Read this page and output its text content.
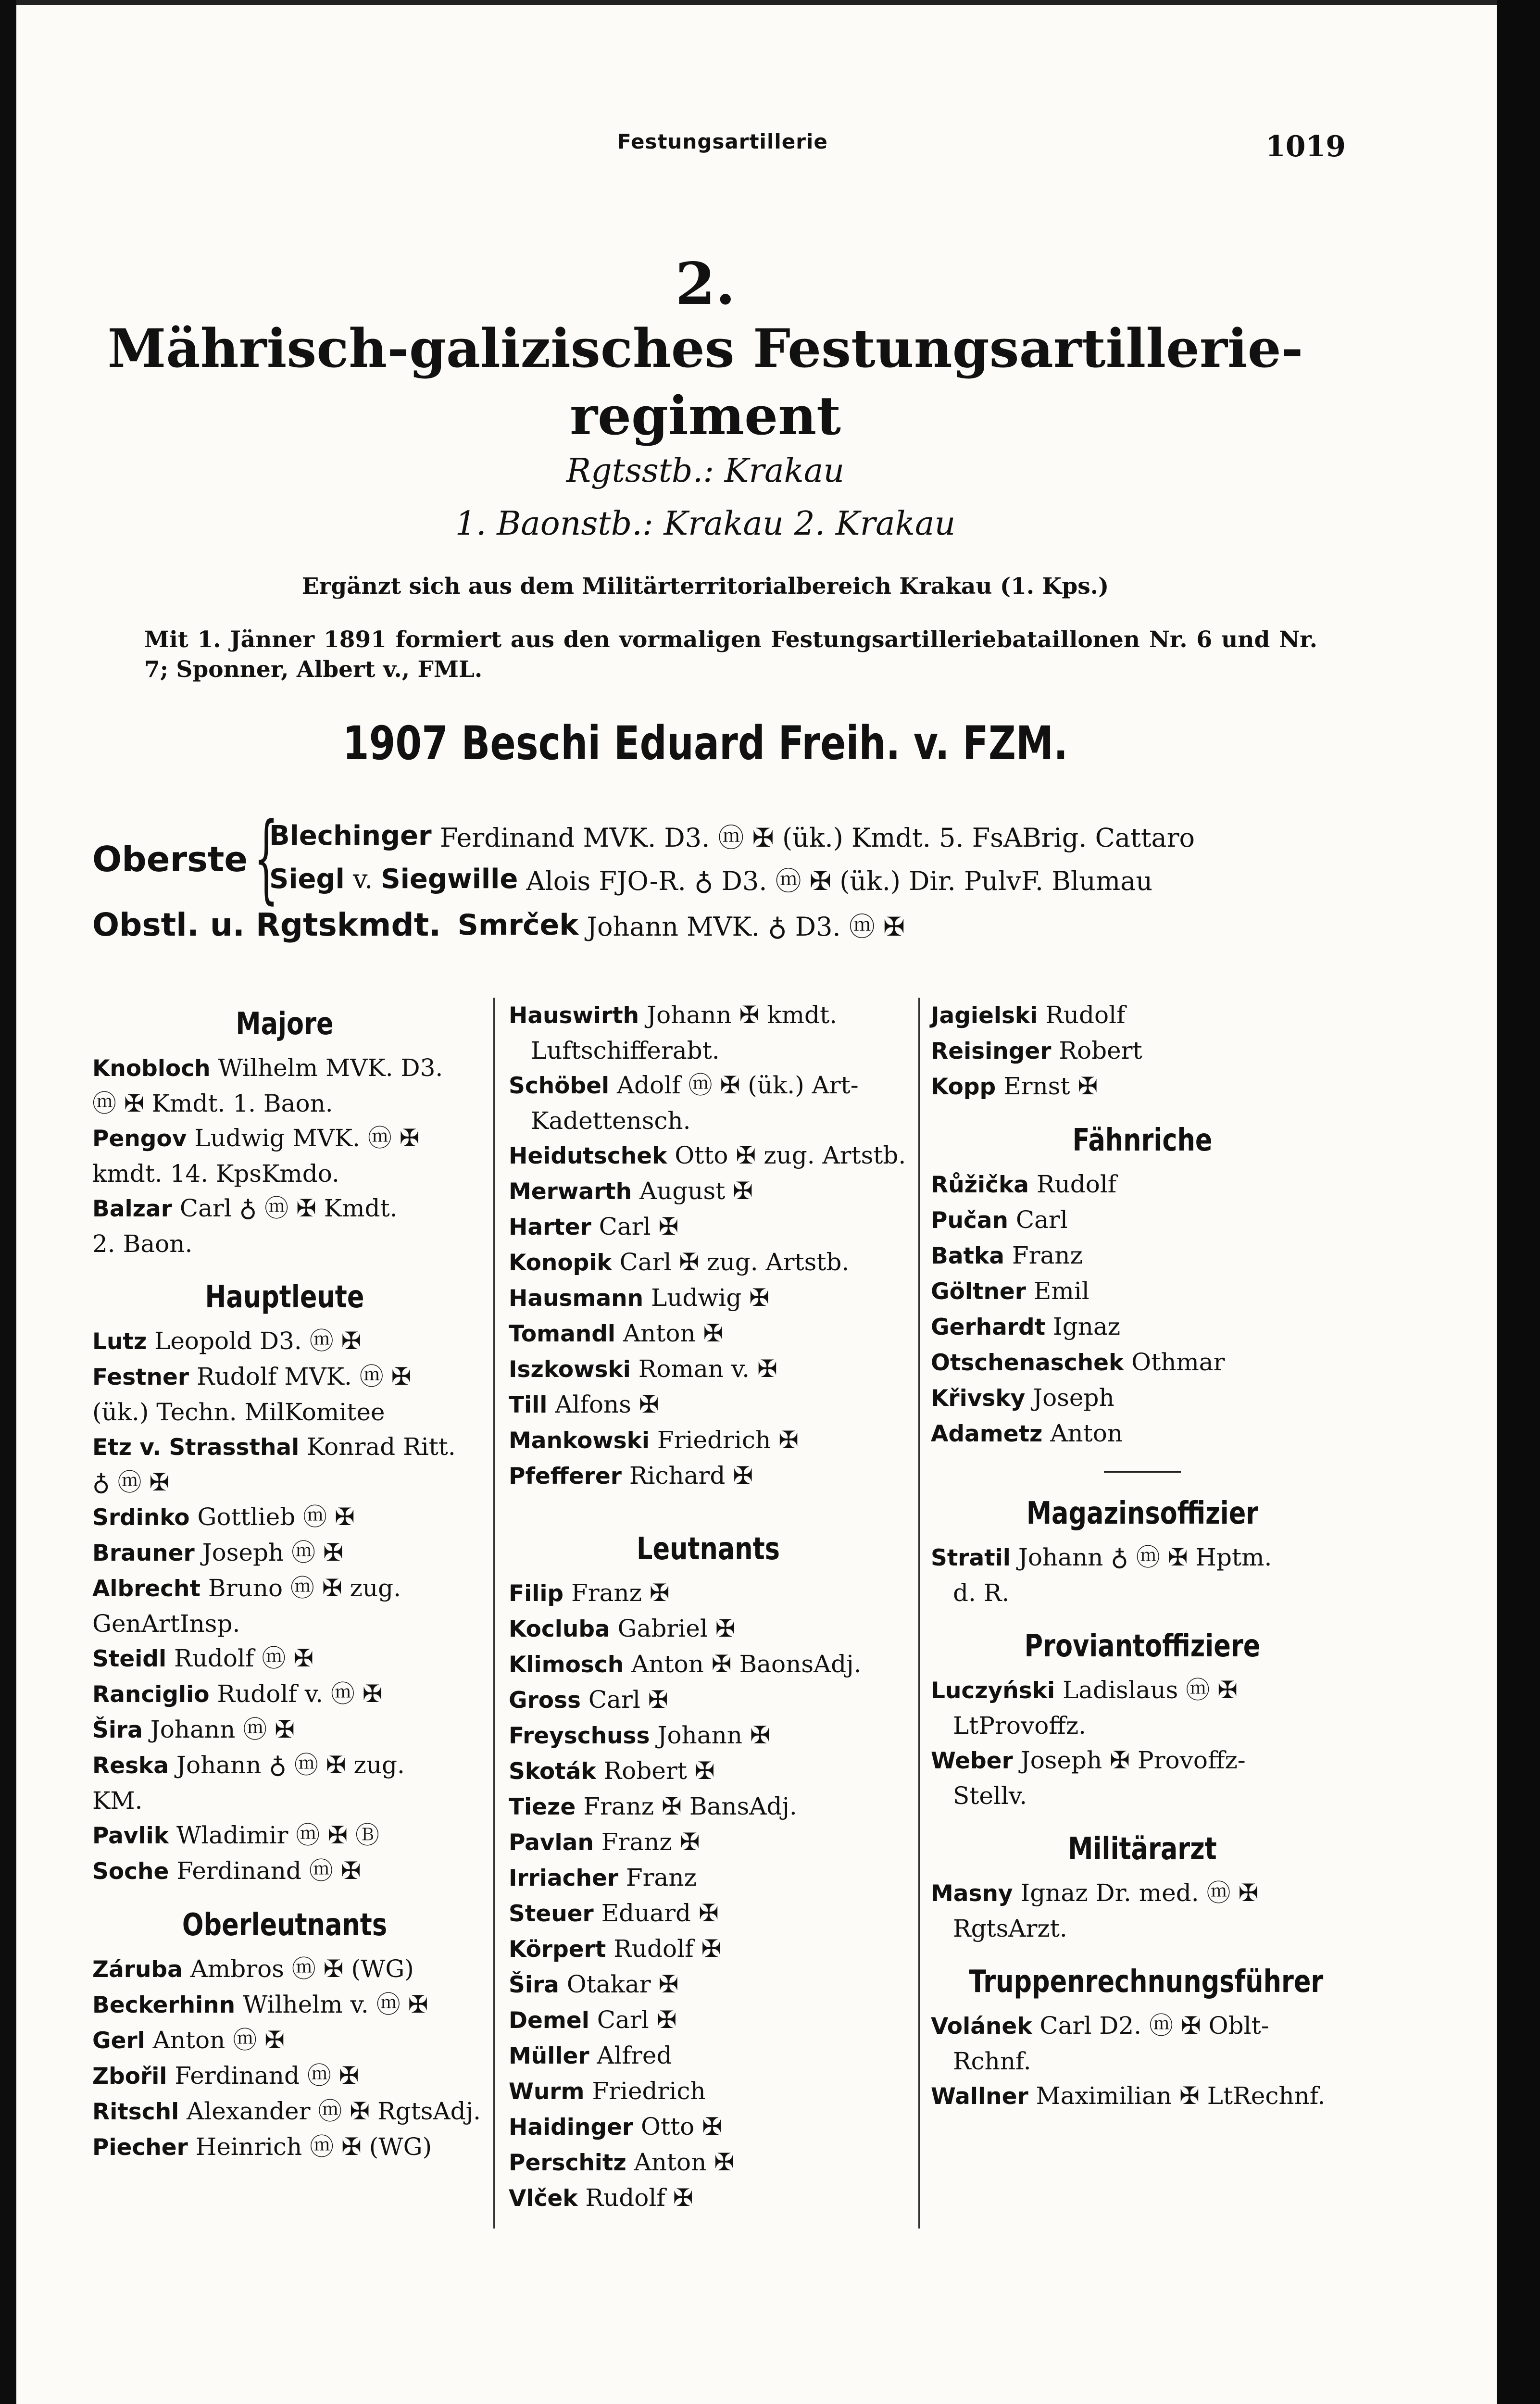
Festungsartillerie	1019
2.
Mährisch-galizisches Festungsartillerie-
regiment
Rgtsstb.: Krakau
1. Baonstb.: Krakau 2. Krakau
Ergänzt sich aus dem Militärterritorialbereich Krakau (1. Kps.)
Mit 1. Jänner 1891 formiert aus den vormaligen Festungsartilleriebataillonen Nr. 6 und Nr. 7; Sponner, Albert v., FML.
1907 Beschi Eduard Freih. v. FZM.
Oberste {
Blechinger
Ferdinand MVK. D3. ⓜ ✠ (ük.) Kmdt. 5. FsABrig. Cattaro
Siegl
v.
Siegwille
Alois FJO-R. ♁ D3. ⓜ ✠ (ük.) Dir. PulvF. Blumau
Obstl. u. Rgtskmdt.
Smrček
Johann MVK. ♁ D3. ⓜ ✠
Majore
Knobloch Wilhelm MVK. D3.
ⓜ ✠ Kmdt. 1. Baon.
Pengov Ludwig MVK. ⓜ ✠
kmdt. 14. KpsKmdo.
Balzar Carl ♁ ⓜ ✠ Kmdt.
2. Baon.
Hauptleute
Lutz Leopold D3. ⓜ ✠
Festner Rudolf MVK. ⓜ ✠
(ük.) Techn. MilKomitee
Etz v. Strassthal Konrad Ritt.
♁ ⓜ ✠
Srdinko Gottlieb ⓜ ✠
Brauner Joseph ⓜ ✠
Albrecht Bruno ⓜ ✠ zug.
GenArtInsp.
Steidl Rudolf ⓜ ✠
Ranciglio Rudolf v. ⓜ ✠
Šira Johann ⓜ ✠
Reska Johann ♁ ⓜ ✠ zug.
KM.
Pavlik Wladimir ⓜ ✠ Ⓑ
Soche Ferdinand ⓜ ✠
Oberleutnants
Záruba Ambros ⓜ ✠ (WG)
Beckerhinn Wilhelm v. ⓜ ✠
Gerl Anton ⓜ ✠
Zbořil Ferdinand ⓜ ✠
Ritschl Alexander ⓜ ✠ RgtsAdj.
Piecher Heinrich ⓜ ✠ (WG)
Hauswirth Johann ✠ kmdt.
Luftschifferabt.
Schöbel Adolf ⓜ ✠ (ük.) Art-
Kadettensch.
Heidutschek Otto ✠ zug. Artstb.
Merwarth August ✠
Harter Carl ✠
Konopik Carl ✠ zug. Artstb.
Hausmann Ludwig ✠
Tomandl Anton ✠
Iszkowski Roman v. ✠
Till Alfons ✠
Mankowski Friedrich ✠
Pfefferer Richard ✠
Leutnants
Filip Franz ✠
Kocluba Gabriel ✠
Klimosch Anton ✠ BaonsAdj.
Gross Carl ✠
Freyschuss Johann ✠
Skoták Robert ✠
Tieze Franz ✠ BansAdj.
Pavlan Franz ✠
Irriacher Franz
Steuer Eduard ✠
Körpert Rudolf ✠
Šira Otakar ✠
Demel Carl ✠
Müller Alfred
Wurm Friedrich
Haidinger Otto ✠
Perschitz Anton ✠
Vlček Rudolf ✠
Jagielski Rudolf
Reisinger Robert
Kopp Ernst ✠
Fähnriche
Růžička Rudolf
Pučan Carl
Batka Franz
Göltner Emil
Gerhardt Ignaz
Otschenaschek Othmar
Křivsky Joseph
Adametz Anton
Magazinsoffizier
Stratil Johann ♁ ⓜ ✠ Hptm.
d. R.
Proviantoffiziere
Luczyński Ladislaus ⓜ ✠
LtProvoffz.
Weber Joseph ✠ Provoffz-
Stellv.
Militärarzt
Masny Ignaz Dr. med. ⓜ ✠
RgtsArzt.
Truppenrechnungsführer
Volánek Carl D2. ⓜ ✠ Oblt-
Rchnf.
Wallner Maximilian ✠ LtRechnf.
